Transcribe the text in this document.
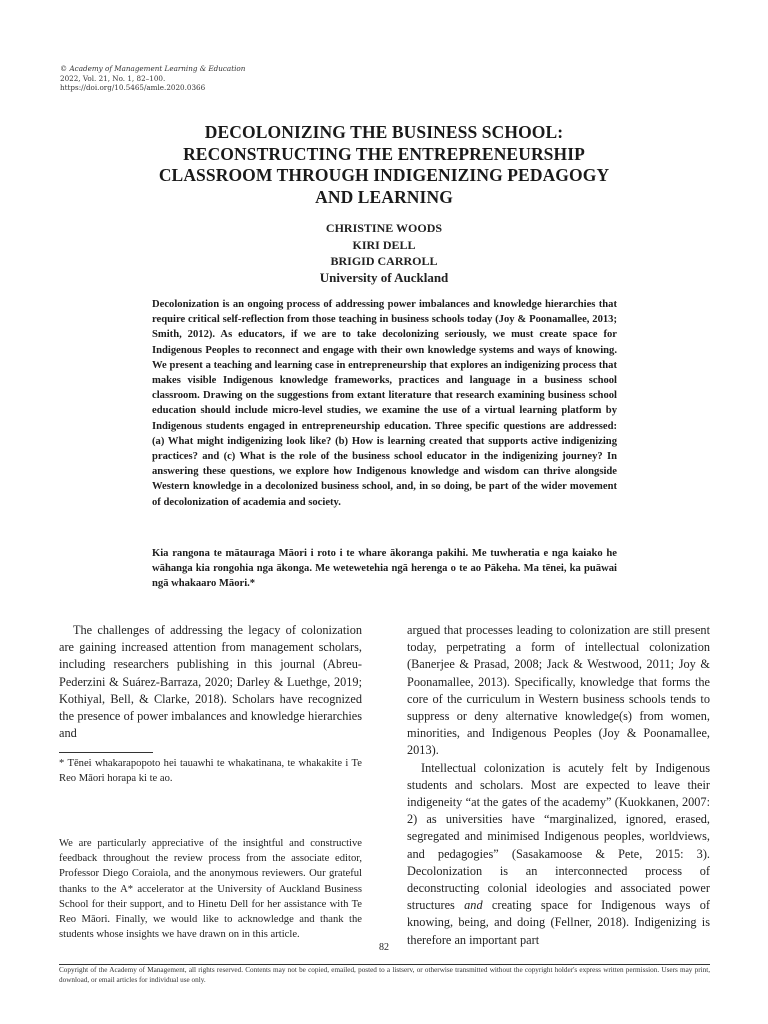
© Academy of Management Learning & Education
2022, Vol. 21, No. 1, 82–100.
https://doi.org/10.5465/amle.2020.0366
DECOLONIZING THE BUSINESS SCHOOL:
RECONSTRUCTING THE ENTREPRENEURSHIP
CLASSROOM THROUGH INDIGENIZING PEDAGOGY
AND LEARNING
CHRISTINE WOODS
KIRI DELL
BRIGID CARROLL
University of Auckland
Decolonization is an ongoing process of addressing power imbalances and knowledge hierarchies that require critical self-reflection from those teaching in business schools today (Joy & Poonamallee, 2013; Smith, 2012). As educators, if we are to take decolonizing seriously, we must create space for Indigenous Peoples to reconnect and engage with their own knowledge systems and ways of knowing. We present a teaching and learning case in entrepreneurship that explores an indigenizing process that makes visible Indigenous knowledge frameworks, practices and language in a business school classroom. Drawing on the suggestions from extant literature that research examining business school education should include micro-level studies, we examine the use of a virtual learning platform by Indigenous students engaged in entrepreneurship education. Three specific questions are addressed: (a) What might indigenizing look like? (b) How is learning created that supports active indigenizing practices? and (c) What is the role of the business school educator in the indigenizing journey? In answering these questions, we explore how Indigenous knowledge and wisdom can thrive alongside Western knowledge in a decolonized business school, and, in so doing, be part of the wider movement of decolonization of academia and society.
Kia rangona te mātauraga Māori i roto i te whare ākoranga pakihi. Me tuwheratia e nga kaiako he wāhanga kia rongohia nga ākonga. Me wetewetehia ngā herenga o te ao Pākeha. Ma tēnei, ka puāwai ngā whakaaro Māori.*

The challenges of addressing the legacy of colonization are gaining increased attention from management scholars, including researchers publishing in this journal (Abreu-Pederzini & Suárez-Barraza, 2020; Darley & Luethge, 2019; Kothiyal, Bell, & Clarke, 2018). Scholars have recognized the presence of power imbalances and knowledge hierarchies and

* Tēnei whakarapopoto hei tauawhi te whakatinana, te whakakite i Te Reo Māori horapa ki te ao.
We are particularly appreciative of the insightful and constructive feedback throughout the review process from the associate editor, Professor Diego Coraiola, and the anonymous reviewers. Our grateful thanks to the A* accelerator at the University of Auckland Business School for their support, and to Hinetu Dell for her assistance with Te Reo Māori. Finally, we would like to acknowledge and thank the students whose insights we have drawn on in this article.

argued that processes leading to colonization are still present today, perpetrating a form of intellectual colonization (Banerjee & Prasad, 2008; Jack & Westwood, 2011; Joy & Poonamallee, 2013). Specifically, knowledge that forms the core of the curriculum in Western business schools tends to suppress or deny alternative knowledge(s) from women, minorities, and Indigenous Peoples (Joy & Poonamallee, 2013).

Intellectual colonization is acutely felt by Indigenous students and scholars. Most are expected to leave their indigeneity “at the gates of the academy” (Kuokkanen, 2007: 2) as universities have “marginalized, ignored, erased, segregated and minimised Indigenous peoples, worldviews, and pedagogies” (Sasakamoose & Pete, 2015: 3). Decolonization is an interconnected process of deconstructing colonial ideologies and associated power structures and creating space for Indigenous ways of knowing, being, and doing (Fellner, 2018). Indigenizing is therefore an important part

82
Copyright of the Academy of Management, all rights reserved. Contents may not be copied, emailed, posted to a listserv, or otherwise transmitted without the copyright holder's express written permission. Users may print, download, or email articles for individual use only.
